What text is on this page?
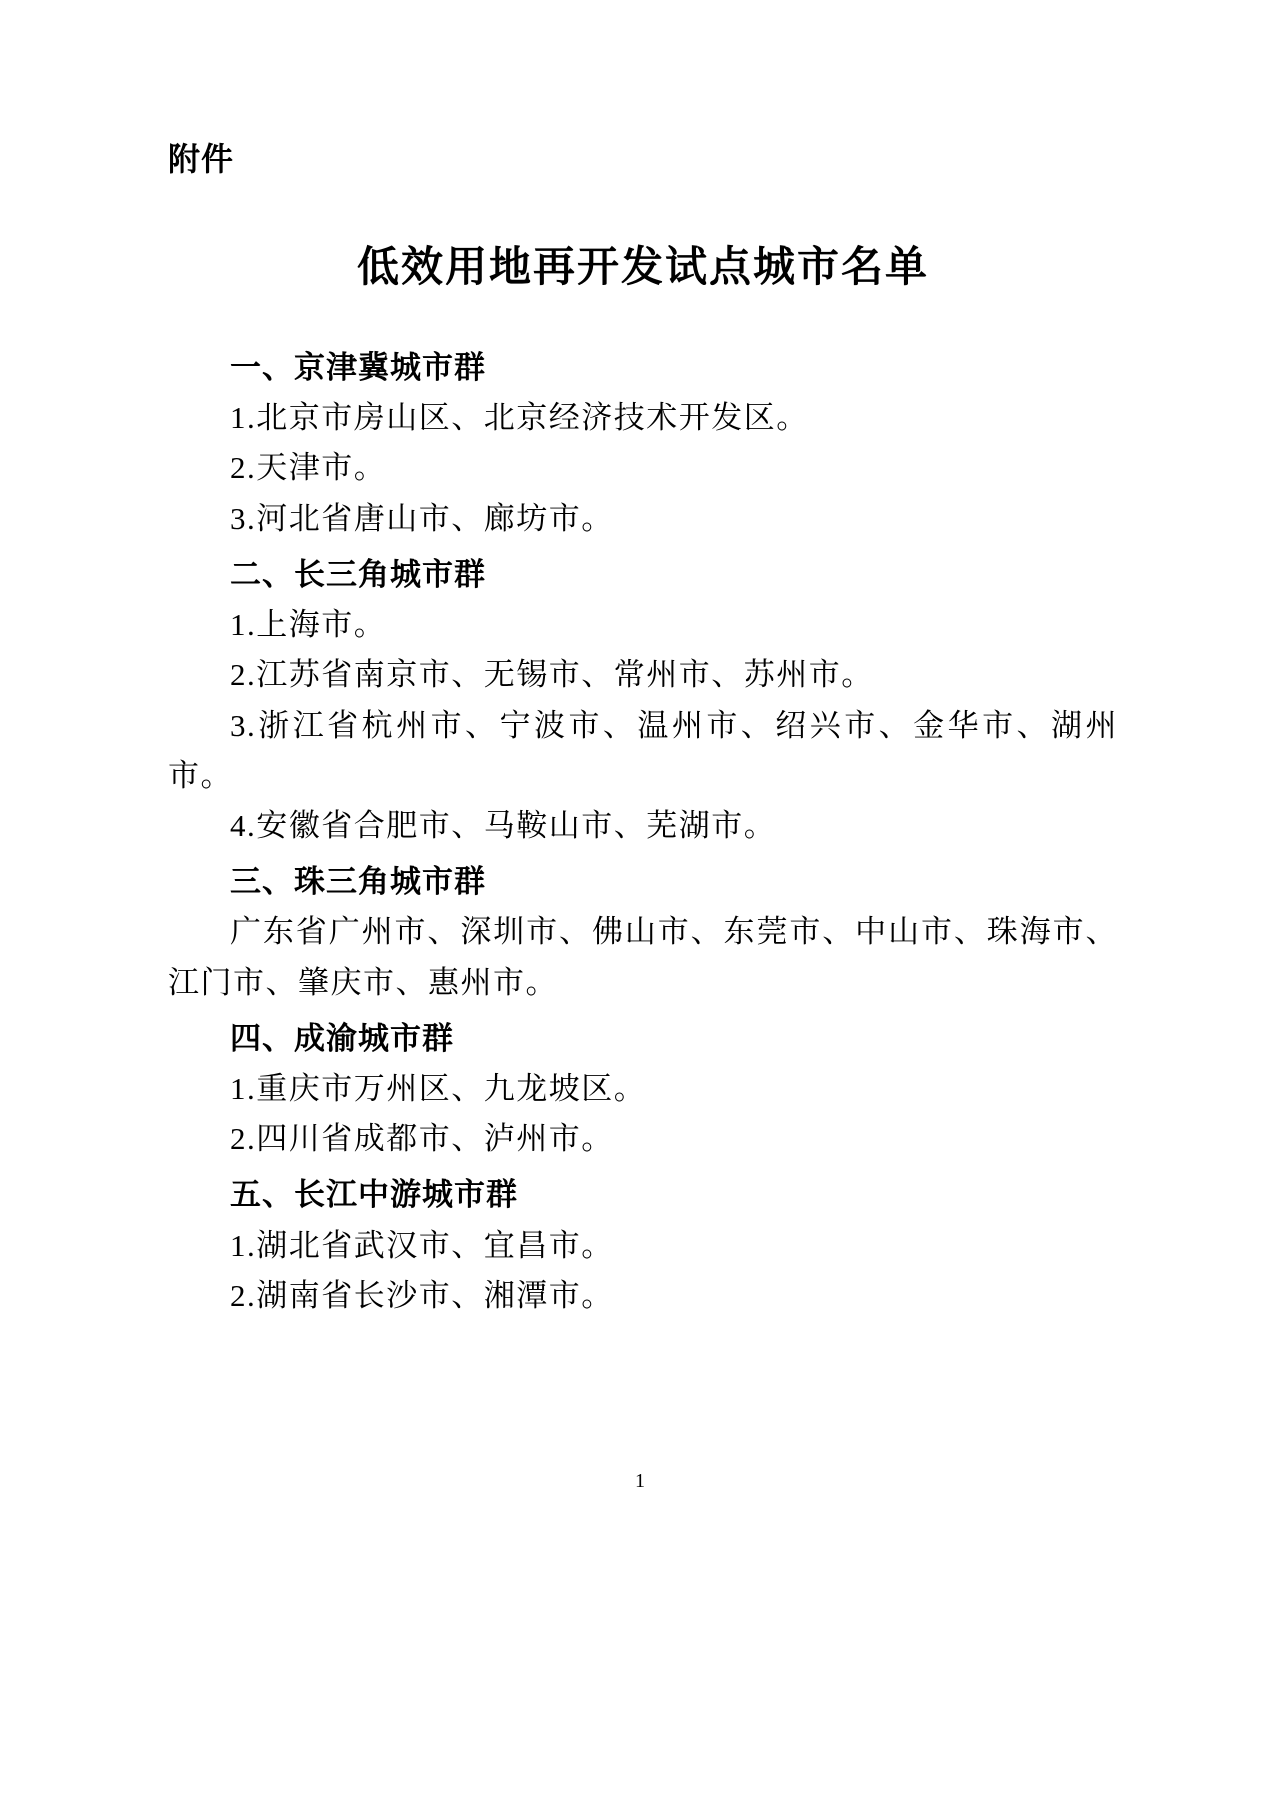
附件
低效用地再开发试点城市名单
一、京津冀城市群
1.北京市房山区、北京经济技术开发区。
2.天津市。
3.河北省唐山市、廊坊市。
二、长三角城市群
1.上海市。
2.江苏省南京市、无锡市、常州市、苏州市。
3.浙江省杭州市、宁波市、温州市、绍兴市、金华市、湖州市。
4.安徽省合肥市、马鞍山市、芜湖市。
三、珠三角城市群
广东省广州市、深圳市、佛山市、东莞市、中山市、珠海市、江门市、肇庆市、惠州市。
四、成渝城市群
1.重庆市万州区、九龙坡区。
2.四川省成都市、泸州市。
五、长江中游城市群
1.湖北省武汉市、宜昌市。
2.湖南省长沙市、湘潭市。
1
